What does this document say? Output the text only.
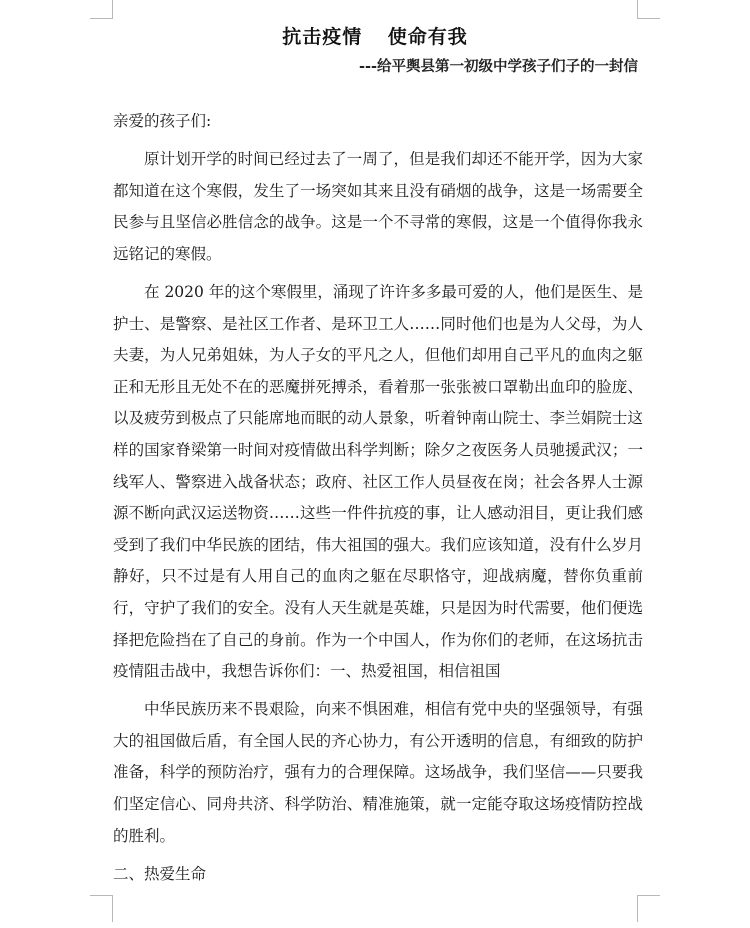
抗击疫情 使命有我
---给平舆县第一初级中学孩子们子的一封信

亲爱的孩子们:

原计划开学的时间已经过去了一周了，但是我们却还不能开学，因为大家都知道在这个寒假，发生了一场突如其来且没有硝烟的战争，这是一场需要全民参与且坚信必胜信念的战争。这是一个不寻常的寒假，这是一个值得你我永远铭记的寒假。

在 2020 年的这个寒假里，涌现了许许多多最可爱的人，他们是医生、是护士、是警察、是社区工作者、是环卫工人……同时他们也是为人父母，为人夫妻，为人兄弟姐妹，为人子女的平凡之人，但他们却用自己平凡的血肉之躯正和无形且无处不在的恶魔拼死搏杀，看着那一张张被口罩勒出血印的脸庞、以及疲劳到极点了只能席地而眠的动人景象，听着钟南山院士、李兰娟院士这样的国家脊梁第一时间对疫情做出科学判断；除夕之夜医务人员驰援武汉；一线军人、警察进入战备状态；政府、社区工作人员昼夜在岗；社会各界人士源源不断向武汉运送物资……这些一件件抗疫的事，让人感动泪目，更让我们感受到了我们中华民族的团结，伟大祖国的强大。我们应该知道，没有什么岁月静好，只不过是有人用自己的血肉之躯在尽职恪守，迎战病魔，替你负重前行，守护了我们的安全。没有人天生就是英雄，只是因为时代需要，他们便选择把危险挡在了自己的身前。作为一个中国人，作为你们的老师，在这场抗击疫情阻击战中，我想告诉你们：一、热爱祖国，相信祖国

中华民族历来不畏艰险，向来不惧困难，相信有党中央的坚强领导，有强大的祖国做后盾，有全国人民的齐心协力，有公开透明的信息，有细致的防护准备，科学的预防治疗，强有力的合理保障。这场战争，我们坚信——只要我们坚定信心、同舟共济、科学防治、精准施策，就一定能夺取这场疫情防控战的胜利。

二、热爱生命
